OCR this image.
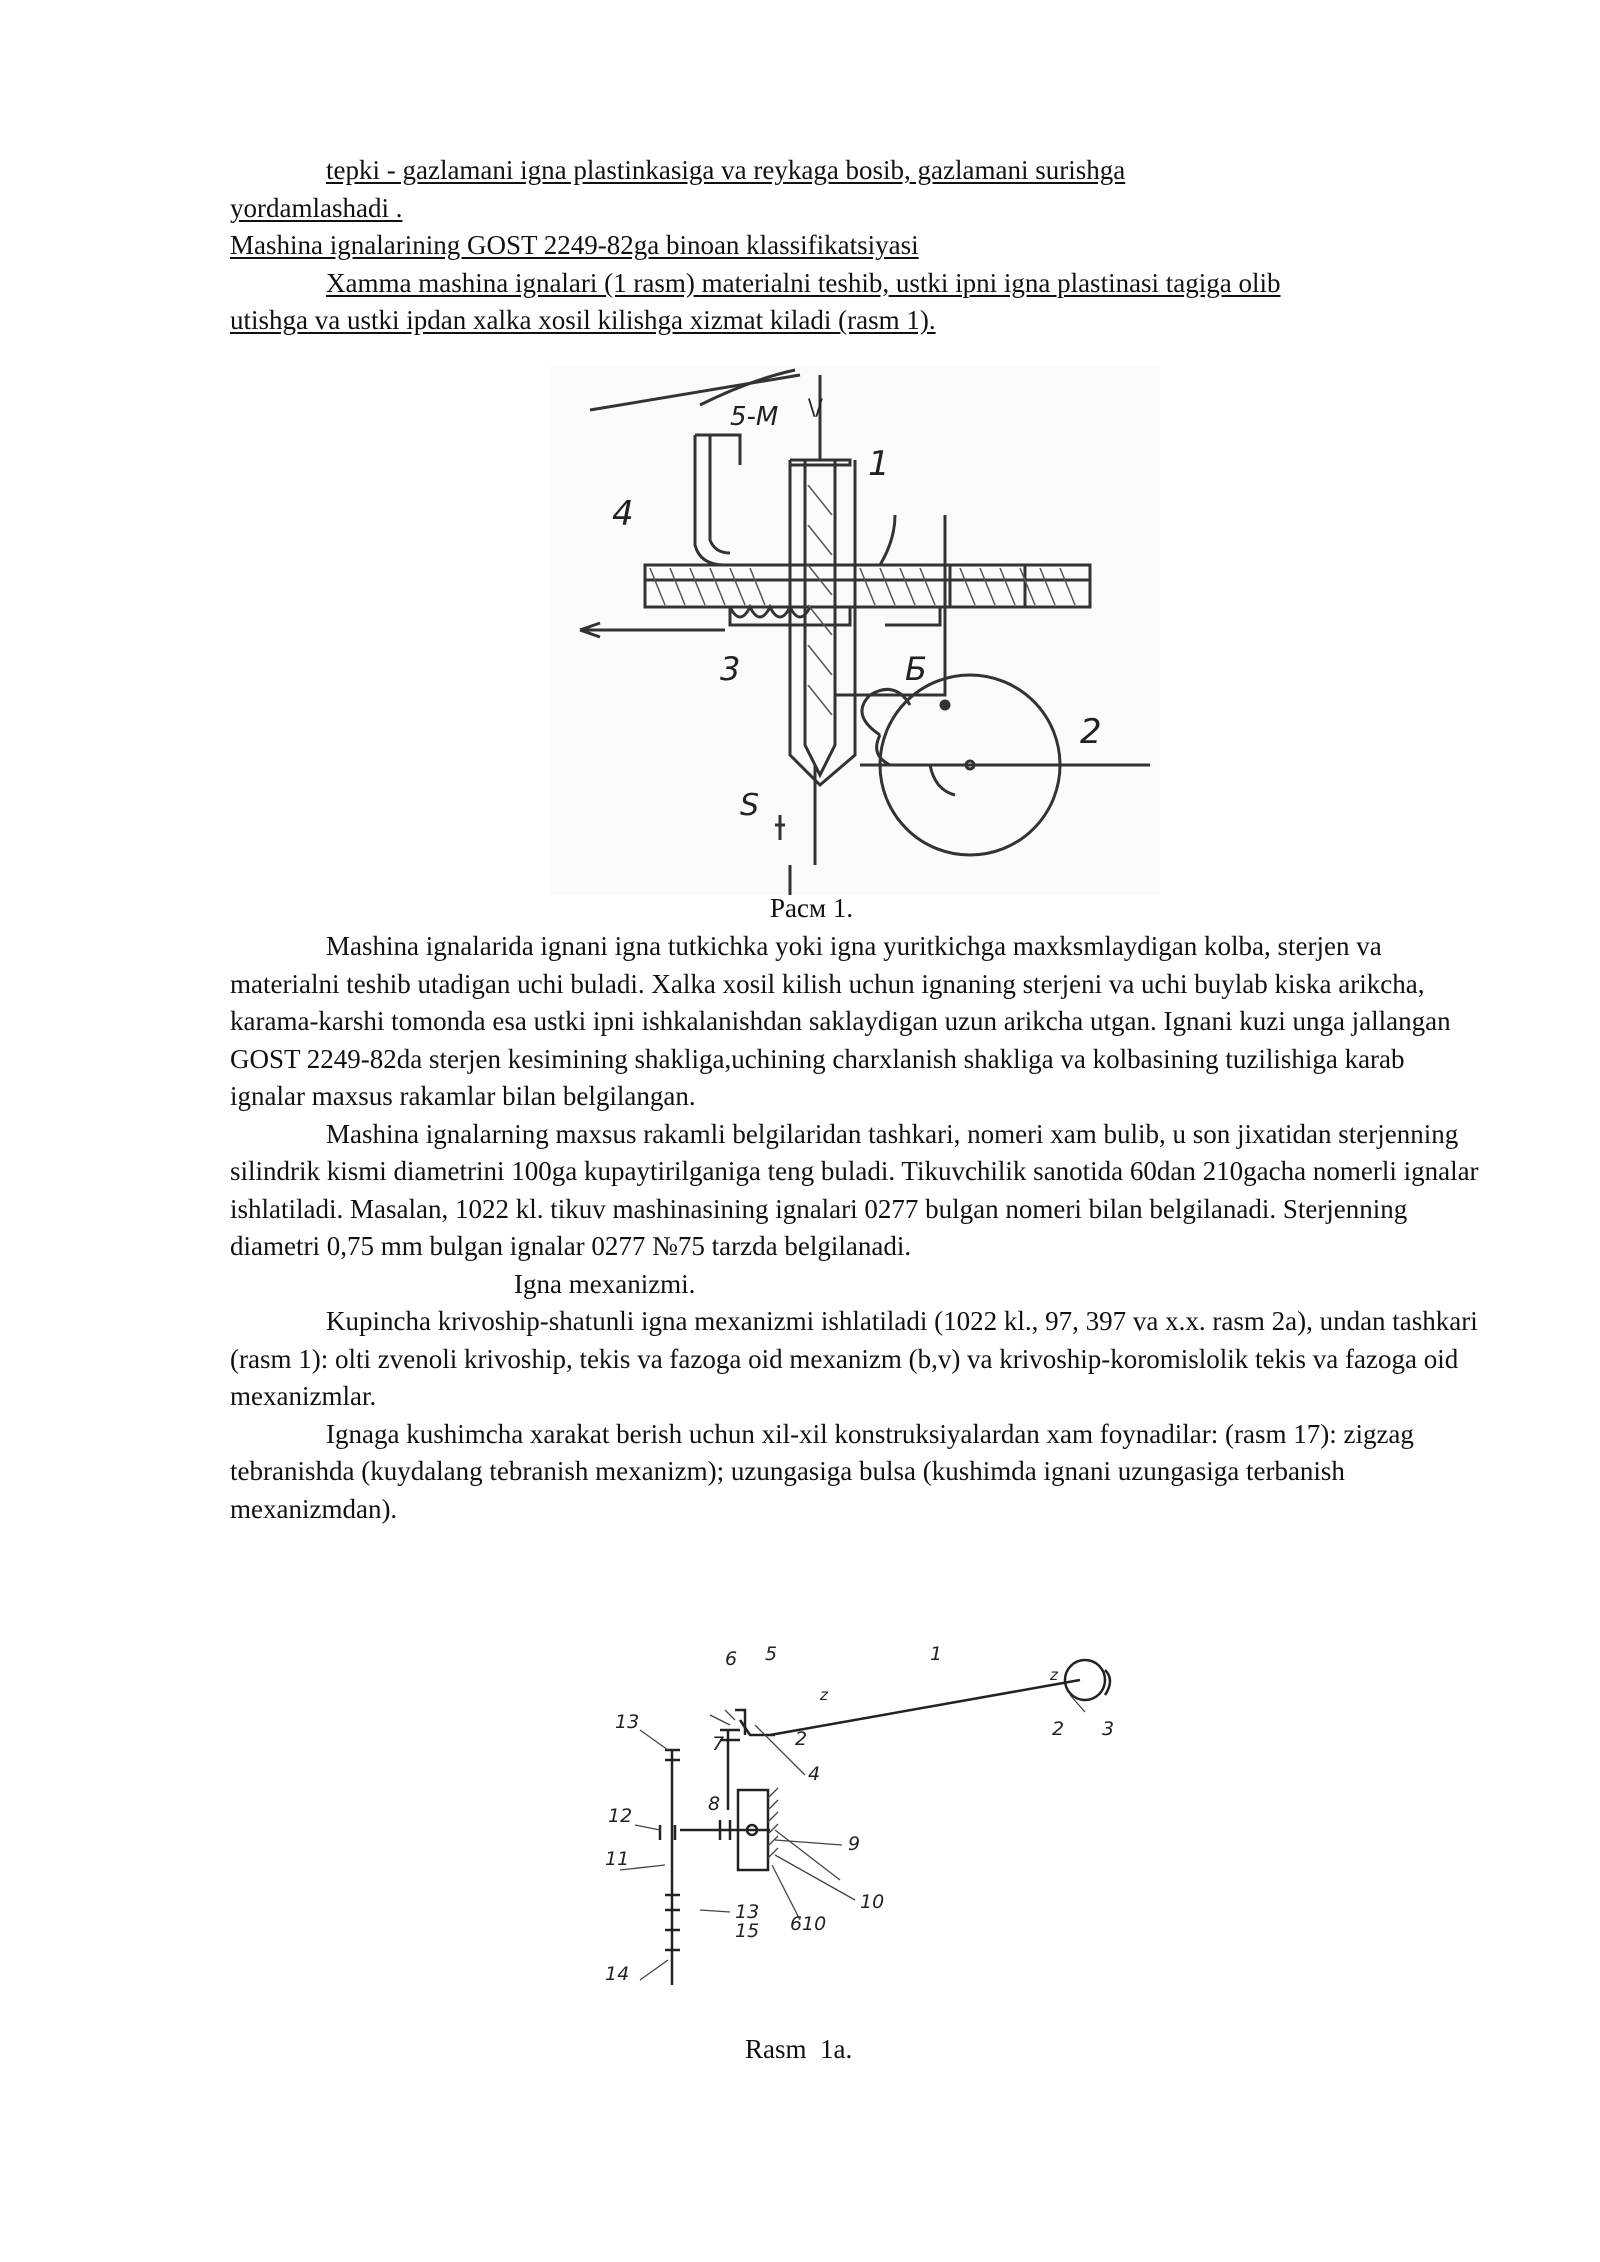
tepki - gazlamani igna plastinkasiga va reykaga bosib, gazlamani surishga

yordamlashadi .

Mashina ignalarining GOST 2249-82ga binoan klassifikatsiyasi

Xamma mashina ignalari (1 rasm) materialni teshib, ustki ipni igna plastinasi tagiga olib

utishga va ustki ipdan xalka xosil kilishga xizmat kiladi (rasm 1).

4
1
2
3	Б
S
5-M \/
Расм 1.

Mashina ignalarida ignani igna tutkichka yoki igna yuritkichga maxksmlaydigan kolba, sterjen va materialni teshib utadigan uchi buladi. Xalka xosil kilish uchun ignaning sterjeni va uchi buylab kiska arikcha, karama-karshi tomonda esa ustki ipni ishkalanishdan saklaydigan uzun arikcha utgan. Ignani kuzi unga jallangan GOST 2249-82da sterjen kesimining shakliga,uchining charxlanish shakliga va kolbasining tuzilishiga karab ignalar maxsus rakamlar bilan belgilangan.

Mashina ignalarning maxsus rakamli belgilaridan tashkari, nomeri xam bulib, u son jixatidan sterjenning silindrik kismi diametrini 100ga kupaytirilganiga teng buladi. Tikuvchilik sanotida 60dan 210gacha nomerli ignalar ishlatiladi. Masalan, 1022 kl. tikuv mashinasining ignalari 0277 bulgan nomeri bilan belgilanadi. Sterjenning diametri 0,75 mm bulgan ignalar 0277 №75 tarzda belgilanadi.

Igna mexanizmi.

Kupincha krivoship-shatunli igna mexanizmi ishlatiladi (1022 kl., 97, 397 va x.x. rasm 2a), undan tashkari (rasm 1): olti zvenoli krivoship, tekis va fazoga oid mexanizm (b,v) va krivoship-koromislolik tekis va fazoga oid mexanizmlar.

Ignaga kushimcha xarakat berish uchun xil-xil konstruksiyalardan xam foynadilar: (rasm 17): zigzag tebranishda (kuydalang tebranish mexanizm); uzungasiga bulsa (kushimda ignani uzungasiga terbanish mexanizmdan).

1
2	2 3
4
5
6
6
7
8
9
10
10
11
12
13
13
14
15
z
z
Rasm  1a.
